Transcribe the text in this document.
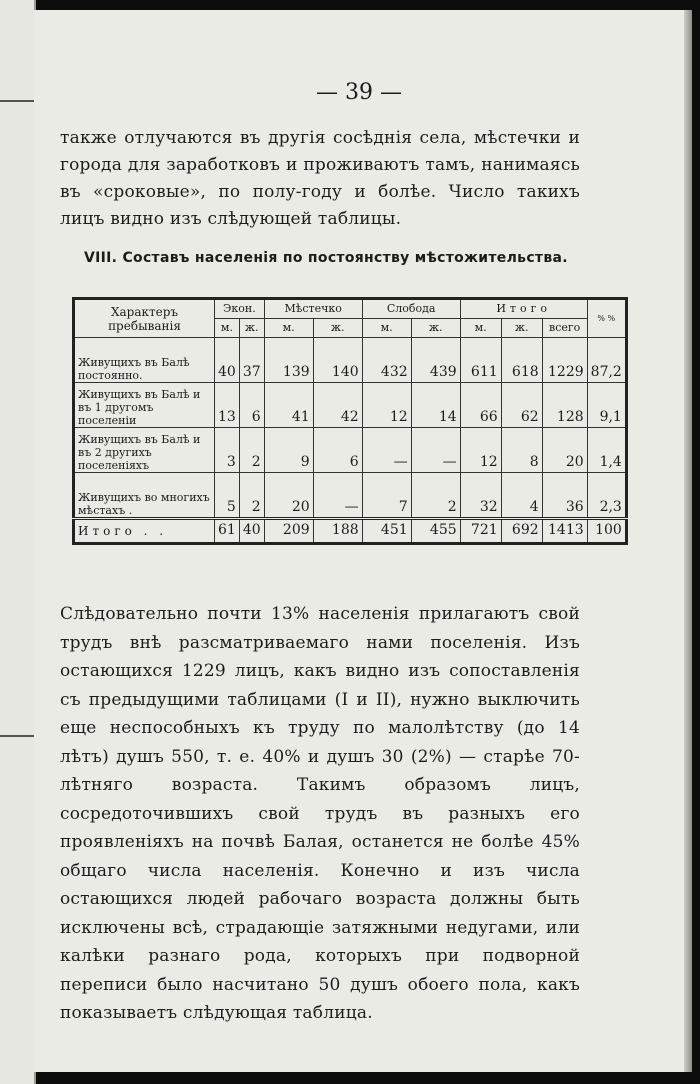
— 39 —

также отлучаются въ другія сосѣднія села, мѣстечки и города для заработковъ и проживаютъ тамъ, нанимаясь въ «сроковые», по полу-году и болѣе. Число такихъ лицъ видно изъ слѣдующей таблицы.

VIII. Составъ населенія по постоянству мѣстожительства.
Характеръ пребыванія	Экон.		Мѣстечко		Слобода		Итого			% %
	м.	ж.	м.	ж.	м.	ж.	м.	ж.	всего	
Живущихъ въ Балѣ постоянно.	40	37	139	140	432	439	611	618	1229	87,2
Живущихъ въ Балѣ и въ 1 другомъ поселеніи	13	6	41	42	12	14	66	62	128	9,1
Живущихъ въ Балѣ и въ 2 другихъ поселеніяхъ	3	2	9	6	—	—	12	8	20	1,4
Живущихъ во многихъ мѣстахъ .	5	2	20	—	7	2	32	4	36	2,3
Итого . .	61	40	209	188	451	455	721	692	1413	100

Слѣдовательно почти 13% населенія прилагаютъ свой трудъ внѣ разсматриваемаго нами поселенія. Изъ остающихся 1229 лицъ, какъ видно изъ сопоставленія съ предыдущими таблицами (I и II), нужно выключить еще неспособныхъ къ труду по малолѣтству (до 14 лѣтъ) душъ 550, т. е. 40% и душъ 30 (2%) — старѣе 70-лѣтняго возраста. Такимъ образомъ лицъ, сосредоточившихъ свой трудъ въ разныхъ его проявленіяхъ на почвѣ Балая, останется не болѣе 45% общаго числа населенія. Конечно и изъ числа остающихся людей рабочаго возраста должны быть исключены всѣ, страдающіе затяжными недугами, или калѣки разнаго рода, которыхъ при подворной переписи было насчитано 50 душъ обоего пола, какъ показываетъ слѣдующая таблица.
